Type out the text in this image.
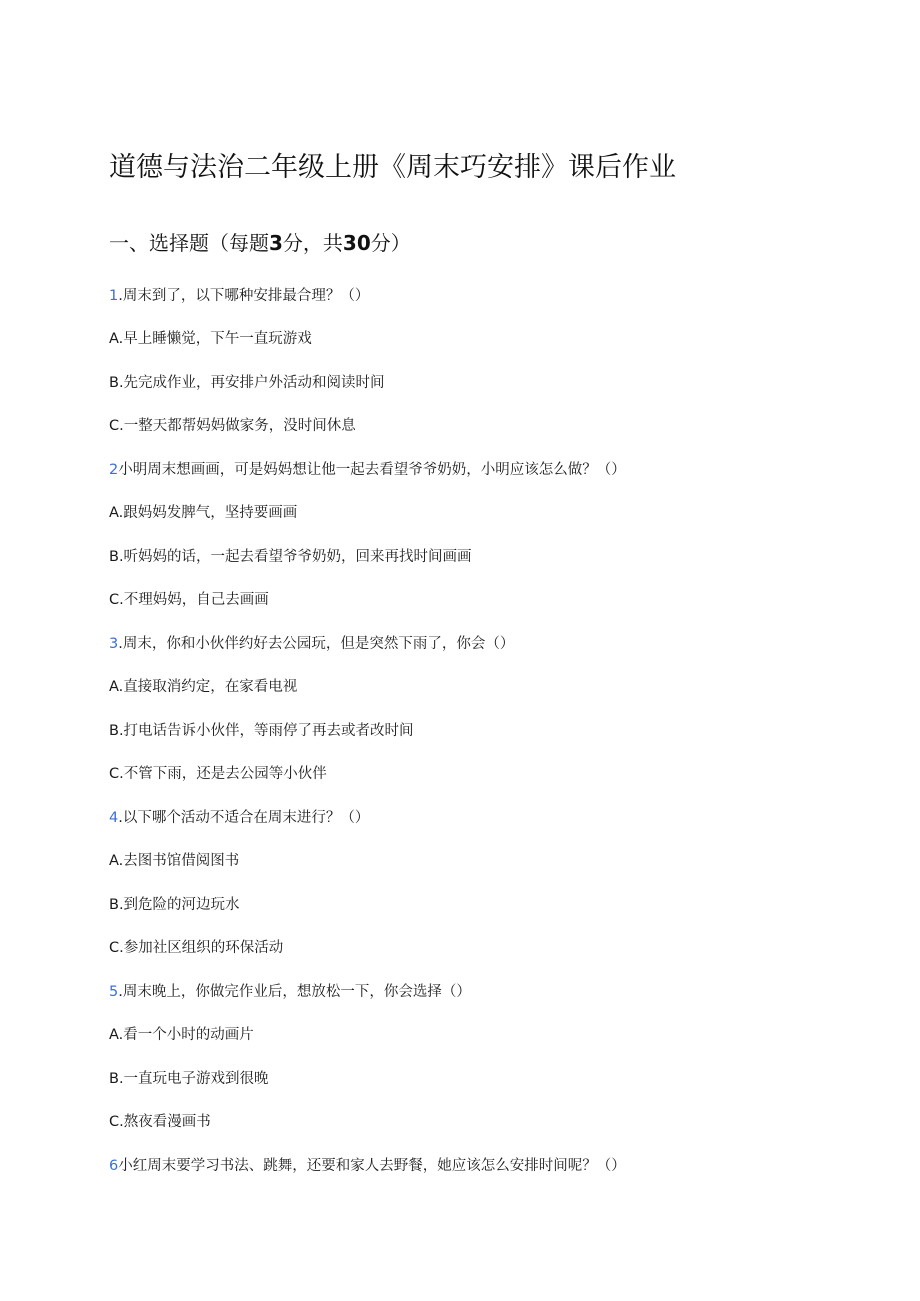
道德与法治二年级上册《周末巧安排》课后作业
一、选择题（每题3分，共30分）

1.周末到了，以下哪种安排最合理？（）

A.早上睡懒觉，下午一直玩游戏

B.先完成作业，再安排户外活动和阅读时间

C.一整天都帮妈妈做家务，没时间休息

2小明周末想画画，可是妈妈想让他一起去看望爷爷奶奶，小明应该怎么做？（）

A.跟妈妈发脾气，坚持要画画

B.听妈妈的话，一起去看望爷爷奶奶，回来再找时间画画

C.不理妈妈，自己去画画

3.周末，你和小伙伴约好去公园玩，但是突然下雨了，你会（）

A.直接取消约定，在家看电视

B.打电话告诉小伙伴，等雨停了再去或者改时间

C.不管下雨，还是去公园等小伙伴

4.以下哪个活动不适合在周末进行？（）

A.去图书馆借阅图书

B.到危险的河边玩水

C.参加社区组织的环保活动

5.周末晚上，你做完作业后，想放松一下，你会选择（）

A.看一个小时的动画片

B.一直玩电子游戏到很晚

C.熬夜看漫画书

6小红周末要学习书法、跳舞，还要和家人去野餐，她应该怎么安排时间呢？（）
